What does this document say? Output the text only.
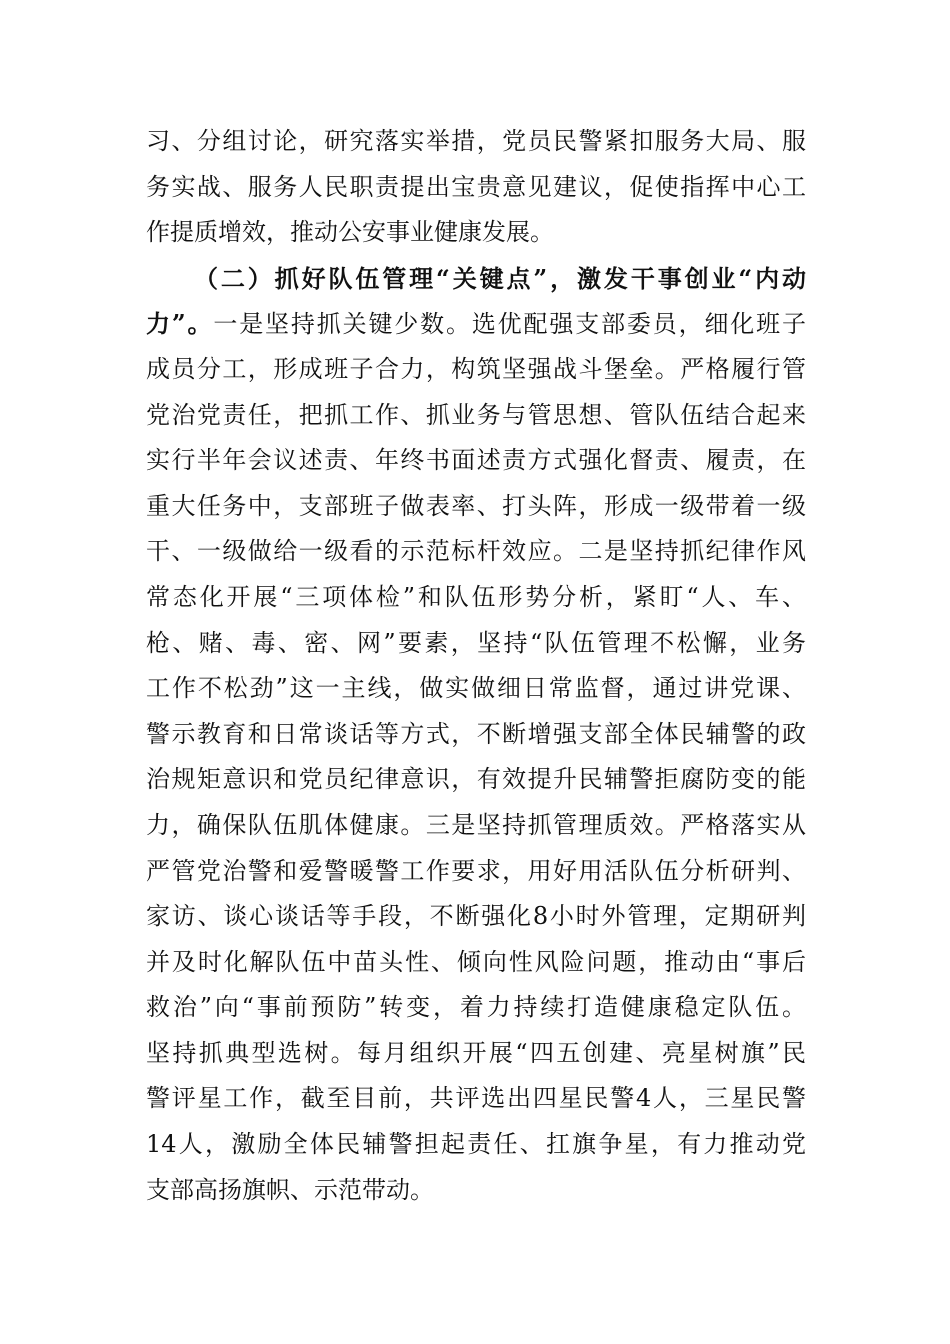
习、分组讨论，研究落实举措，党员民警紧扣服务大局、服
务实战、服务人民职责提出宝贵意见建议，促使指挥中心工
作提质增效，推动公安事业健康发展。
（二）抓好队伍管理“关键点”，激发干事创业“内动
力”。一是坚持抓关键少数。选优配强支部委员，细化班子
成员分工，形成班子合力，构筑坚强战斗堡垒。严格履行管
党治党责任，把抓工作、抓业务与管思想、管队伍结合起来
实行半年会议述责、年终书面述责方式强化督责、履责，在
重大任务中，支部班子做表率、打头阵，形成一级带着一级
干、一级做给一级看的示范标杆效应。二是坚持抓纪律作风
常态化开展“三项体检”和队伍形势分析，紧盯“人、车、
枪、赌、毒、密、网”要素，坚持“队伍管理不松懈，业务
工作不松劲”这一主线，做实做细日常监督，通过讲党课、
警示教育和日常谈话等方式，不断增强支部全体民辅警的政
治规矩意识和党员纪律意识，有效提升民辅警拒腐防变的能
力，确保队伍肌体健康。三是坚持抓管理质效。严格落实从
严管党治警和爱警暖警工作要求，用好用活队伍分析研判、
家访、谈心谈话等手段，不断强化8小时外管理，定期研判
并及时化解队伍中苗头性、倾向性风险问题，推动由“事后
救治”向“事前预防”转变，着力持续打造健康稳定队伍。
坚持抓典型选树。每月组织开展“四五创建、亮星树旗”民
警评星工作，截至目前，共评选出四星民警4人，三星民警
14人，激励全体民辅警担起责任、扛旗争星，有力推动党
支部高扬旗帜、示范带动。
